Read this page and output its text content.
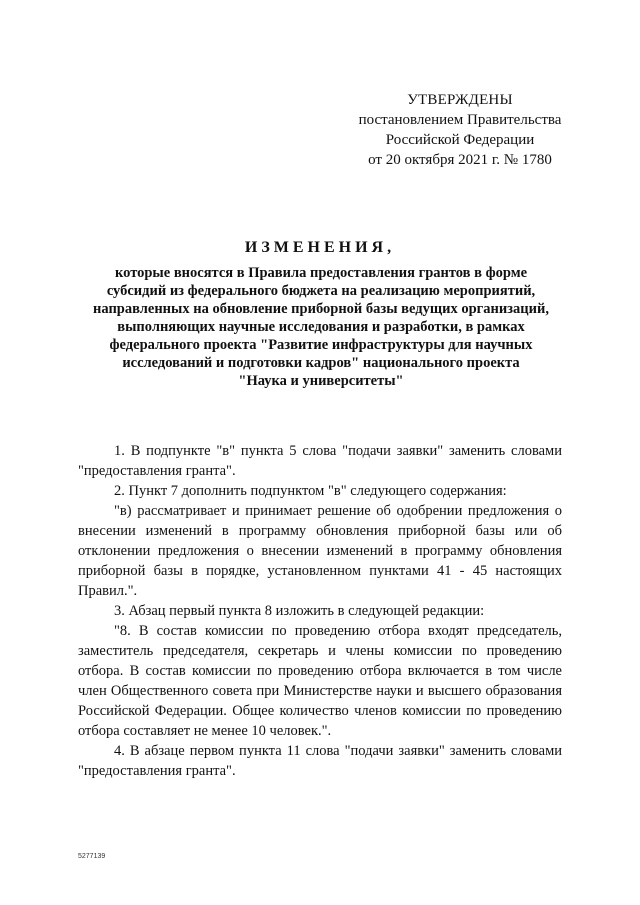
УТВЕРЖДЕНЫ
постановлением Правительства
Российской Федерации
от 20 октября 2021 г. № 1780
ИЗМЕНЕНИЯ,
которые вносятся в Правила предоставления грантов в форме
субсидий из федерального бюджета на реализацию мероприятий,
направленных на обновление приборной базы ведущих организаций,
выполняющих научные исследования и разработки, в рамках
федерального проекта "Развитие инфраструктуры для научных
исследований и подготовки кадров" национального проекта
"Наука и университеты"

1. В подпункте "в" пункта 5 слова "подачи заявки" заменить словами "предоставления гранта".

2. Пункт 7 дополнить подпунктом "в" следующего содержания:

"в) рассматривает и принимает решение об одобрении предложения о внесении изменений в программу обновления приборной базы или об отклонении предложения о внесении изменений в программу обновления приборной базы в порядке, установленном пунктами 41 - 45 настоящих Правил.".

3. Абзац первый пункта 8 изложить в следующей редакции:

"8. В состав комиссии по проведению отбора входят председатель, заместитель председателя, секретарь и члены комиссии по проведению отбора. В состав комиссии по проведению отбора включается в том числе член Общественного совета при Министерстве науки и высшего образования Российской Федерации. Общее количество членов комиссии по проведению отбора составляет не менее 10 человек.".

4. В абзаце первом пункта 11 слова "подачи заявки" заменить словами "предоставления гранта".

5277139
